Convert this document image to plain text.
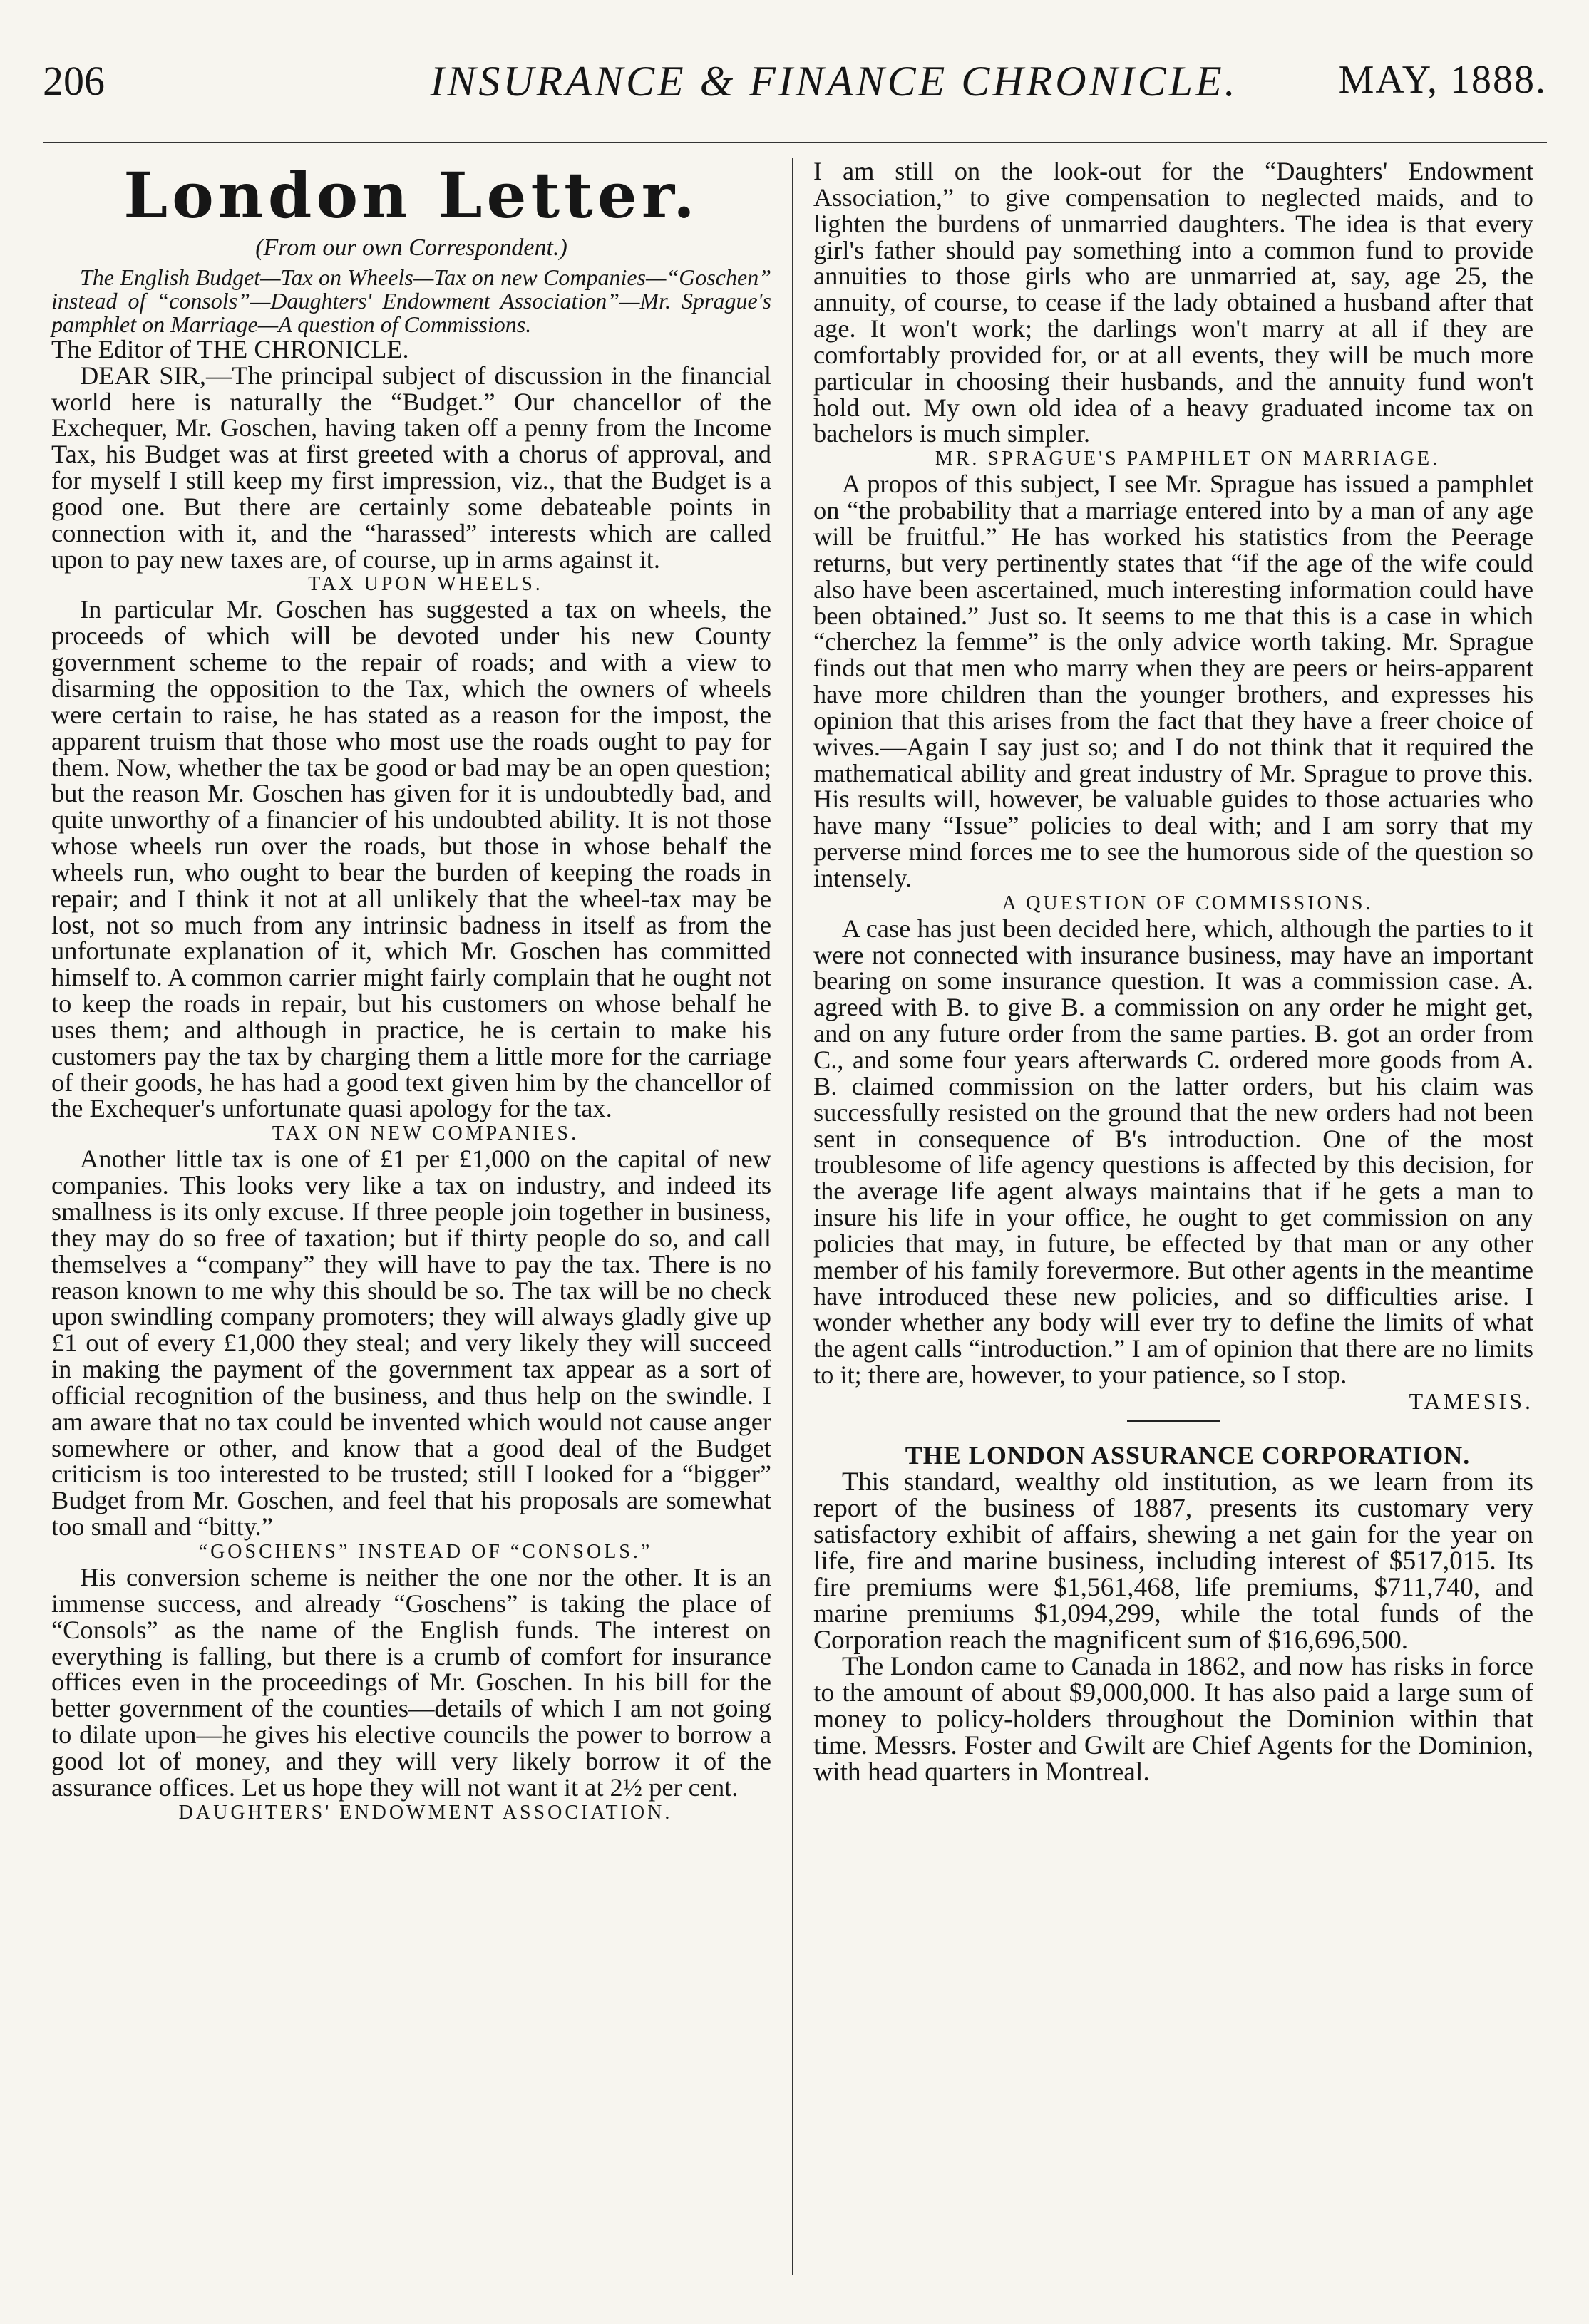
206	INSURANCE & FINANCE CHRONICLE.	MAY, 1888.
London Letter.
(From our own Correspondent.)

The English Budget—Tax on Wheels—Tax on new Companies—“Goschen” instead of “consols”—Daughters' Endowment Association”—Mr. Sprague's pamphlet on Marriage—A question of Commissions.

The Editor of THE CHRONICLE.

DEAR SIR,—The principal subject of discussion in the financial world here is naturally the “Budget.” Our chancellor of the Exchequer, Mr. Goschen, having taken off a penny from the Income Tax, his Budget was at first greeted with a chorus of approval, and for myself I still keep my first impression, viz., that the Budget is a good one. But there are certainly some debateable points in connection with it, and the “harassed” interests which are called upon to pay new taxes are, of course, up in arms against it.

TAX UPON WHEELS.

In particular Mr. Goschen has suggested a tax on wheels, the proceeds of which will be devoted under his new County government scheme to the repair of roads; and with a view to disarming the opposition to the Tax, which the owners of wheels were certain to raise, he has stated as a reason for the impost, the apparent truism that those who most use the roads ought to pay for them. Now, whether the tax be good or bad may be an open question; but the reason Mr. Goschen has given for it is undoubtedly bad, and quite unworthy of a financier of his undoubted ability. It is not those whose wheels run over the roads, but those in whose behalf the wheels run, who ought to bear the burden of keeping the roads in repair; and I think it not at all unlikely that the wheel-tax may be lost, not so much from any intrinsic badness in itself as from the unfortunate explanation of it, which Mr. Goschen has committed himself to. A common carrier might fairly complain that he ought not to keep the roads in repair, but his customers on whose behalf he uses them; and although in practice, he is certain to make his customers pay the tax by charging them a little more for the carriage of their goods, he has had a good text given him by the chancellor of the Exchequer's unfortunate quasi apology for the tax.

TAX ON NEW COMPANIES.

Another little tax is one of £1 per £1,000 on the capital of new companies. This looks very like a tax on industry, and indeed its smallness is its only excuse. If three people join together in business, they may do so free of taxation; but if thirty people do so, and call themselves a “company” they will have to pay the tax. There is no reason known to me why this should be so. The tax will be no check upon swindling company promoters; they will always gladly give up £1 out of every £1,000 they steal; and very likely they will succeed in making the payment of the government tax appear as a sort of official recognition of the business, and thus help on the swindle. I am aware that no tax could be invented which would not cause anger somewhere or other, and know that a good deal of the Budget criticism is too interested to be trusted; still I looked for a “bigger” Budget from Mr. Goschen, and feel that his proposals are somewhat too small and “bitty.”

“GOSCHENS” INSTEAD OF “CONSOLS.”

His conversion scheme is neither the one nor the other. It is an immense success, and already “Goschens” is taking the place of “Consols” as the name of the English funds. The interest on everything is falling, but there is a crumb of comfort for insurance offices even in the proceedings of Mr. Goschen. In his bill for the better government of the counties—details of which I am not going to dilate upon—he gives his elective councils the power to borrow a good lot of money, and they will very likely borrow it of the assurance offices. Let us hope they will not want it at 2½ per cent.

DAUGHTERS' ENDOWMENT ASSOCIATION.

I am still on the look-out for the “Daughters' Endowment Association,” to give compensation to neglected maids, and to lighten the burdens of unmarried daughters. The idea is that every girl's father should pay something into a common fund to provide annuities to those girls who are unmarried at, say, age 25, the annuity, of course, to cease if the lady obtained a husband after that age. It won't work; the darlings won't marry at all if they are comfortably provided for, or at all events, they will be much more particular in choosing their husbands, and the annuity fund won't hold out. My own old idea of a heavy graduated income tax on bachelors is much simpler.

MR. SPRAGUE'S PAMPHLET ON MARRIAGE.

A propos of this subject, I see Mr. Sprague has issued a pamphlet on “the probability that a marriage entered into by a man of any age will be fruitful.” He has worked his statistics from the Peerage returns, but very pertinently states that “if the age of the wife could also have been ascertained, much interesting information could have been obtained.” Just so. It seems to me that this is a case in which “cherchez la femme” is the only advice worth taking. Mr. Sprague finds out that men who marry when they are peers or heirs-apparent have more children than the younger brothers, and expresses his opinion that this arises from the fact that they have a freer choice of wives.—Again I say just so; and I do not think that it required the mathematical ability and great industry of Mr. Sprague to prove this. His results will, however, be valuable guides to those actuaries who have many “Issue” policies to deal with; and I am sorry that my perverse mind forces me to see the humorous side of the question so intensely.

A QUESTION OF COMMISSIONS.

A case has just been decided here, which, although the parties to it were not connected with insurance business, may have an important bearing on some insurance question. It was a commission case. A. agreed with B. to give B. a commission on any order he might get, and on any future order from the same parties. B. got an order from C., and some four years afterwards C. ordered more goods from A. B. claimed commission on the latter orders, but his claim was successfully resisted on the ground that the new orders had not been sent in consequence of B's introduction. One of the most troublesome of life agency questions is affected by this decision, for the average life agent always maintains that if he gets a man to insure his life in your office, he ought to get commission on any policies that may, in future, be effected by that man or any other member of his family forevermore. But other agents in the meantime have introduced these new policies, and so difficulties arise. I wonder whether any body will ever try to define the limits of what the agent calls “introduction.” I am of opinion that there are no limits to it; there are, however, to your patience, so I stop.

TAMESIS.

THE LONDON ASSURANCE CORPORATION.

This standard, wealthy old institution, as we learn from its report of the business of 1887, presents its customary very satisfactory exhibit of affairs, shewing a net gain for the year on life, fire and marine business, including interest of $517,015. Its fire premiums were $1,561,468, life premiums, $711,740, and marine premiums $1,094,299, while the total funds of the Corporation reach the magnificent sum of $16,696,500.

The London came to Canada in 1862, and now has risks in force to the amount of about $9,000,000. It has also paid a large sum of money to policy-holders throughout the Dominion within that time. Messrs. Foster and Gwilt are Chief Agents for the Dominion, with head quarters in Montreal.
